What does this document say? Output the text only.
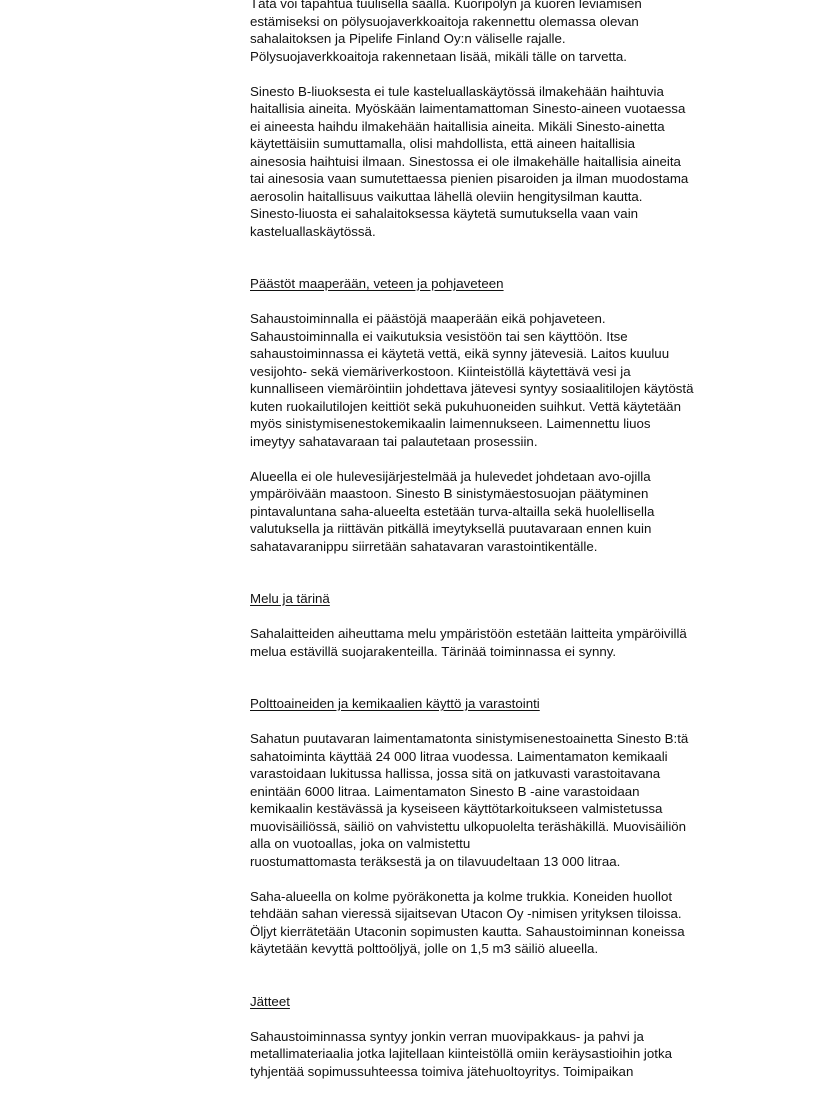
Tätä voi tapahtua tuulisella säällä. Kuoripölyn ja kuoren leviämisen
estämiseksi on pölysuojaverkkoaitoja rakennettu olemassa olevan
sahalaitoksen ja Pipelife Finland Oy:n väliselle rajalle.
Pölysuojaverkkoaitoja rakennetaan lisää, mikäli tälle on tarvetta.
Sinesto B-liuoksesta ei tule kasteluallaskäytössä ilmakehään haihtuvia
haitallisia aineita. Myöskään laimentamattoman Sinesto-aineen vuotaessa
ei aineesta haihdu ilmakehään haitallisia aineita. Mikäli Sinesto-ainetta
käytettäisiin sumuttamalla, olisi mahdollista, että aineen haitallisia
ainesosia haihtuisi ilmaan. Sinestossa ei ole ilmakehälle haitallisia aineita
tai ainesosia vaan sumutettaessa pienien pisaroiden ja ilman muodostama
aerosolin haitallisuus vaikuttaa lähellä oleviin hengitysilman kautta.
Sinesto-liuosta ei sahalaitoksessa käytetä sumutuksella vaan vain
kasteluallaskäytössä.
Päästöt maaperään, veteen ja pohjaveteen
Sahaustoiminnalla ei päästöjä maaperään eikä pohjaveteen.
Sahaustoiminnalla ei vaikutuksia vesistöön tai sen käyttöön. Itse
sahaustoiminnassa ei käytetä vettä, eikä synny jätevesiä. Laitos kuuluu
vesijohto- sekä viemäriverkostoon. Kiinteistöllä käytettävä vesi ja
kunnalliseen viemäröintiin johdettava jätevesi syntyy sosiaalitilojen käytöstä
kuten ruokailutilojen keittiöt sekä pukuhuoneiden suihkut. Vettä käytetään
myös sinistymisenestokemikaalin laimennukseen. Laimennettu liuos
imeytyy sahatavaraan tai palautetaan prosessiin.
Alueella ei ole hulevesijärjestelmää ja hulevedet johdetaan avo-ojilla
ympäröivään maastoon. Sinesto B sinistymäestosuojan päätyminen
pintavaluntana saha-alueelta estetään turva-altailla sekä huolellisella
valutuksella ja riittävän pitkällä imeytyksellä puutavaraan ennen kuin
sahatavaranippu siirretään sahatavaran varastointikentälle.
Melu ja tärinä
Sahalaitteiden aiheuttama melu ympäristöön estetään laitteita ympäröivillä
melua estävillä suojarakenteilla. Tärinää toiminnassa ei synny.
Polttoaineiden ja kemikaalien käyttö ja varastointi
Sahatun puutavaran laimentamatonta sinistymisenestoainetta Sinesto B:tä
sahatoiminta käyttää 24 000 litraa vuodessa. Laimentamaton kemikaali
varastoidaan lukitussa hallissa, jossa sitä on jatkuvasti varastoitavana
enintään 6000 litraa. Laimentamaton Sinesto B -aine varastoidaan
kemikaalin kestävässä ja kyseiseen käyttötarkoitukseen valmistetussa
muovisäiliössä, säiliö on vahvistettu ulkopuolelta teräshäkillä. Muovisäiliön
alla on vuotoallas, joka on valmistettu
ruostumattomasta teräksestä ja on tilavuudeltaan 13 000 litraa.
Saha-alueella on kolme pyöräkonetta ja kolme trukkia. Koneiden huollot
tehdään sahan vieressä sijaitsevan Utacon Oy -nimisen yrityksen tiloissa.
Öljyt kierrätetään Utaconin sopimusten kautta. Sahaustoiminnan koneissa
käytetään kevyttä polttoöljyä, jolle on 1,5 m3 säiliö alueella.
Jätteet
Sahaustoiminnassa syntyy jonkin verran muovipakkaus- ja pahvi ja
metallimateriaalia jotka lajitellaan kiinteistöllä omiin keräysastioihin jotka
tyhjentää sopimussuhteessa toimiva jätehuoltoyritys. Toimipaikan
